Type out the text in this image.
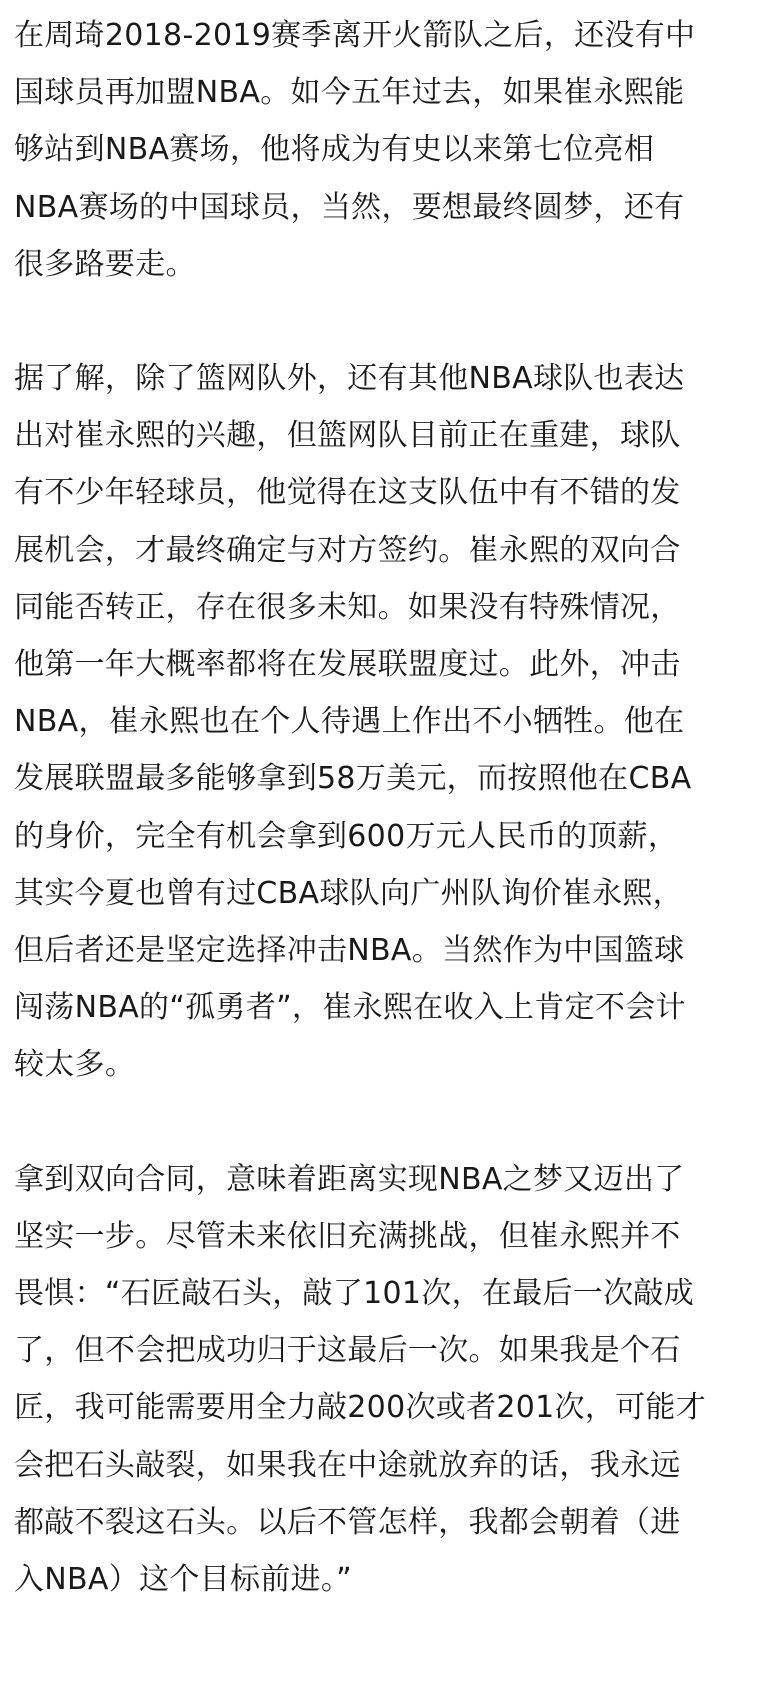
在周琦2018-2019赛季离开火箭队之后，还没有中
国球员再加盟NBA。如今五年过去，如果崔永熙能
够站到NBA赛场，他将成为有史以来第七位亮相
NBA赛场的中国球员，当然，要想最终圆梦，还有
很多路要走。

据了解，除了篮网队外，还有其他NBA球队也表达
出对崔永熙的兴趣，但篮网队目前正在重建，球队
有不少年轻球员，他觉得在这支队伍中有不错的发
展机会，才最终确定与对方签约。崔永熙的双向合
同能否转正，存在很多未知。如果没有特殊情况，
他第一年大概率都将在发展联盟度过。此外，冲击
NBA，崔永熙也在个人待遇上作出不小牺牲。他在
发展联盟最多能够拿到58万美元，而按照他在CBA
的身价，完全有机会拿到600万元人民币的顶薪，
其实今夏也曾有过CBA球队向广州队询价崔永熙，
但后者还是坚定选择冲击NBA。当然作为中国篮球
闯荡NBA的“孤勇者”，崔永熙在收入上肯定不会计
较太多。

拿到双向合同，意味着距离实现NBA之梦又迈出了
坚实一步。尽管未来依旧充满挑战，但崔永熙并不
畏惧：“石匠敲石头，敲了101次，在最后一次敲成
了，但不会把成功归于这最后一次。如果我是个石
匠，我可能需要用全力敲200次或者201次，可能才
会把石头敲裂，如果我在中途就放弃的话，我永远
都敲不裂这石头。以后不管怎样，我都会朝着（进
入NBA）这个目标前进。”
